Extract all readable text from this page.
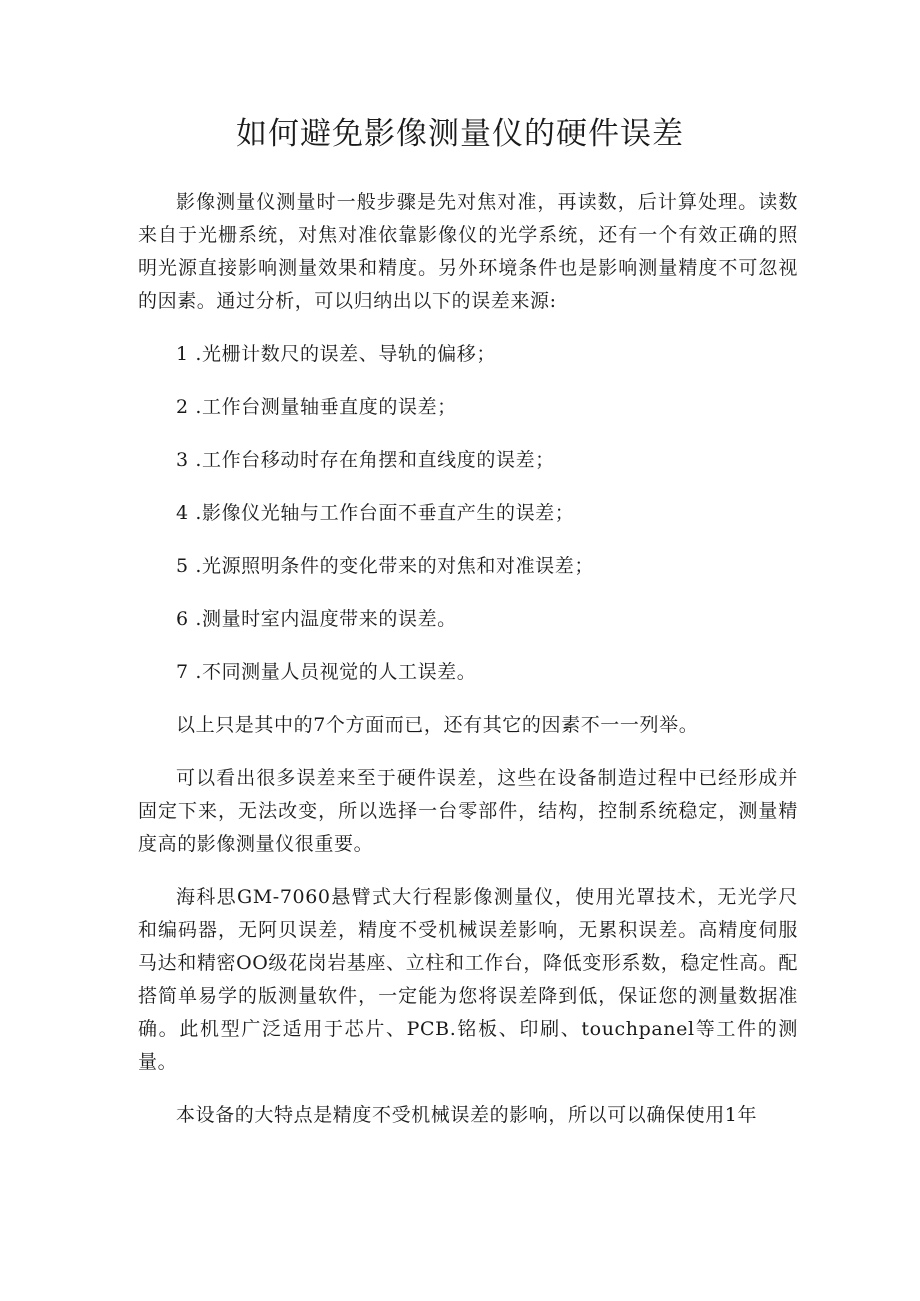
如何避免影像测量仪的硬件误差

影像测量仪测量时一般步骤是先对焦对准，再读数，后计算处理。读数来自于光栅系统，对焦对准依靠影像仪的光学系统，还有一个有效正确的照明光源直接影响测量效果和精度。另外环境条件也是影响测量精度不可忽视的因素。通过分析，可以归纳出以下的误差来源:

1 .光栅计数尺的误差、导轨的偏移；

2 .工作台测量轴垂直度的误差；

3 .工作台移动时存在角摆和直线度的误差；

4 .影像仪光轴与工作台面不垂直产生的误差；

5 .光源照明条件的变化带来的对焦和对准误差；

6 .测量时室内温度带来的误差。

7 .不同测量人员视觉的人工误差。

以上只是其中的7个方面而已，还有其它的因素不一一列举。

可以看出很多误差来至于硬件误差，这些在设备制造过程中已经形成并固定下来，无法改变，所以选择一台零部件，结构，控制系统稳定，测量精度高的影像测量仪很重要。

海科思GM-7060悬臂式大行程影像测量仪，使用光罩技术，无光学尺和编码器，无阿贝误差，精度不受机械误差影响，无累积误差。高精度伺服马达和精密OO级花岗岩基座、立柱和工作台，降低变形系数，稳定性高。配搭简单易学的版测量软件，一定能为您将误差降到低，保证您的测量数据准确。此机型广泛适用于芯片、PCB.铭板、印刷、touchpanel等工件的测量。

本设备的大特点是精度不受机械误差的影响，所以可以确保使用1年
